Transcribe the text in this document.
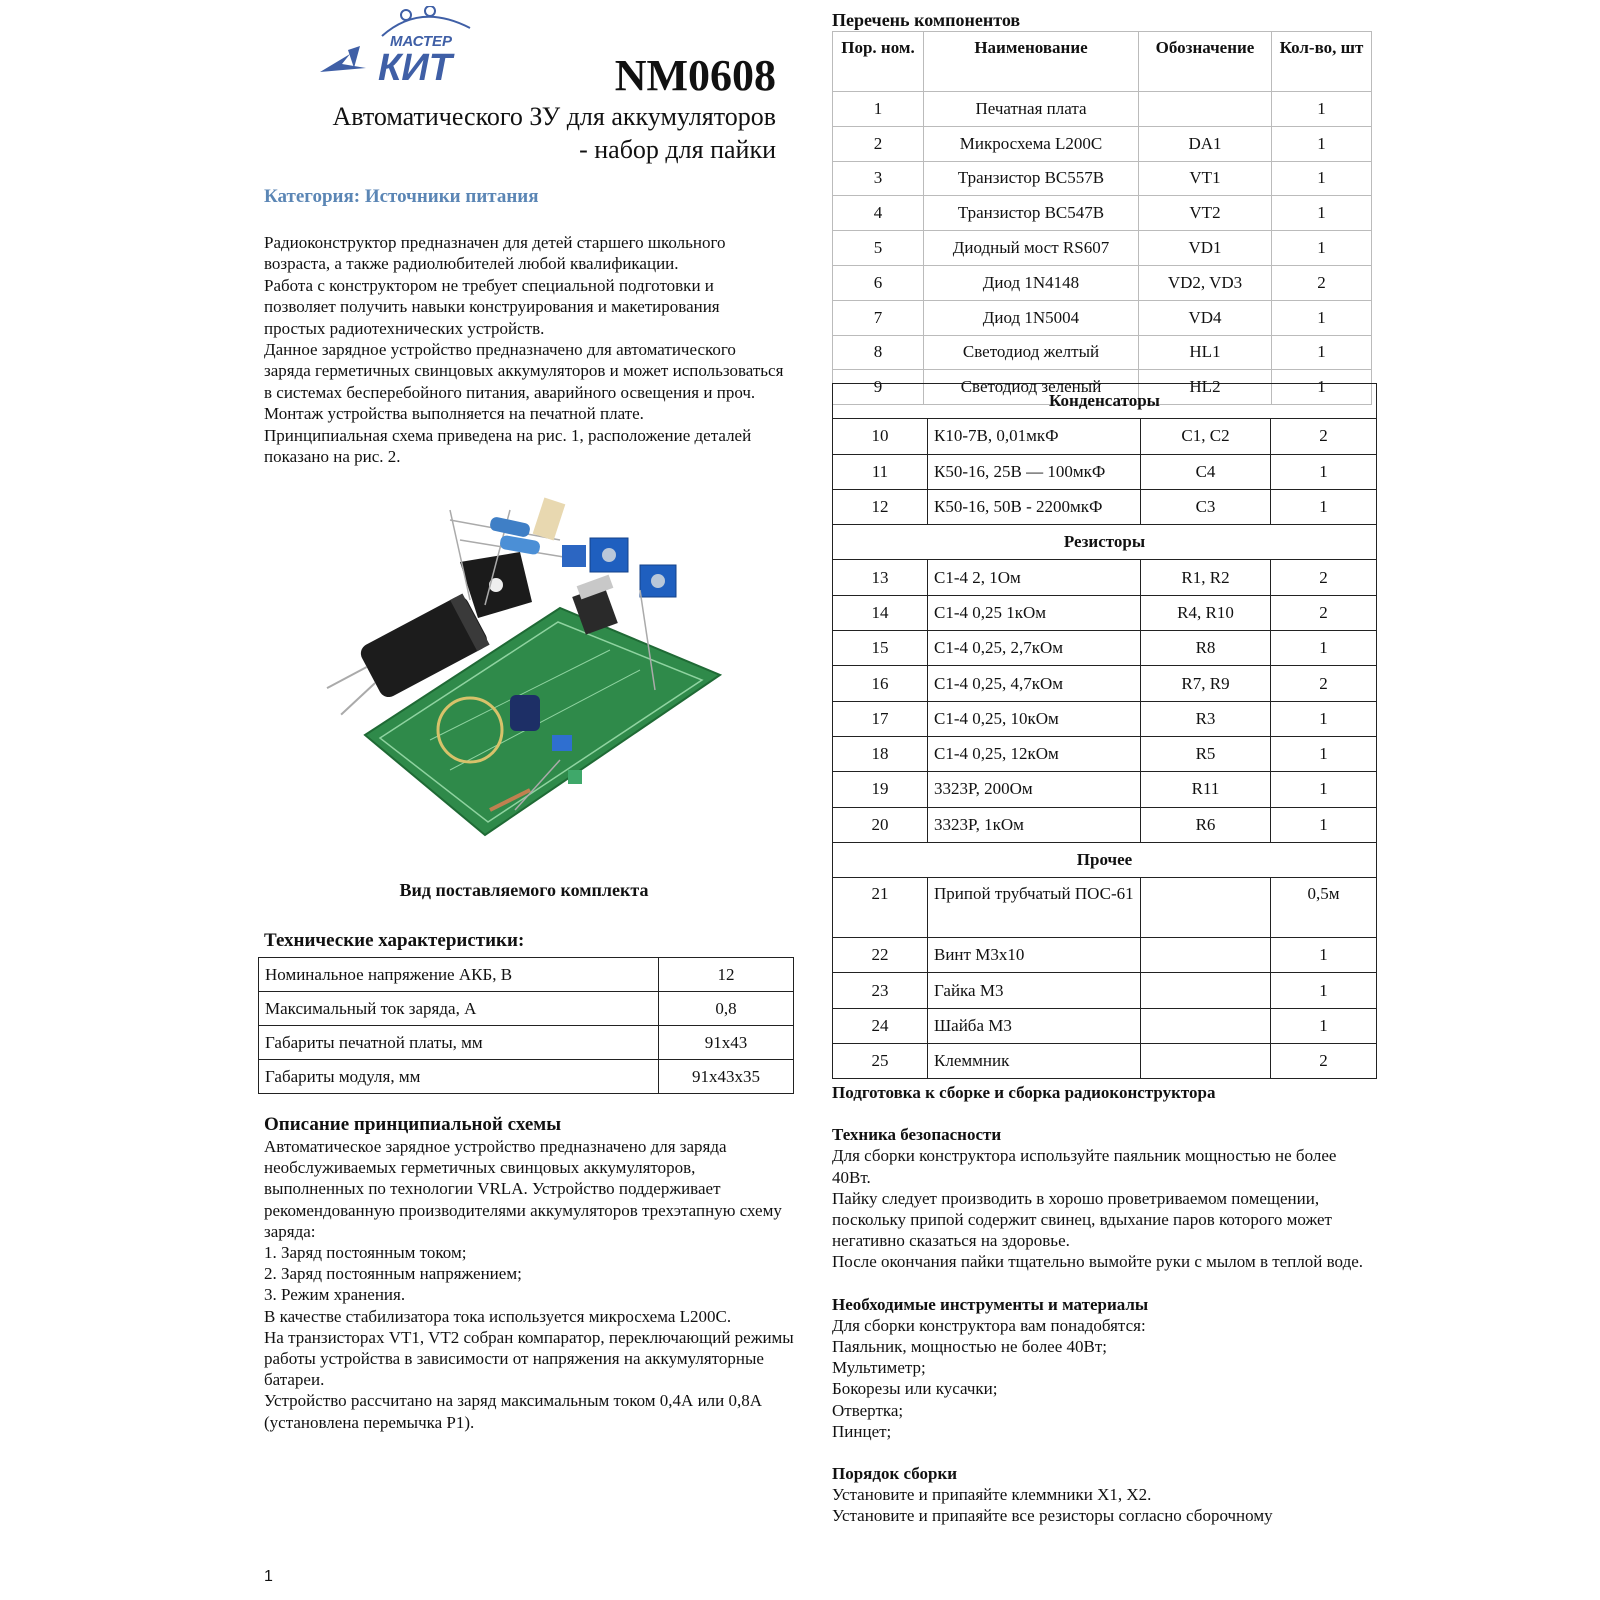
МАСТЕР
КИТ	NM0608
Автоматического ЗУ для аккумуляторов
- набор для пайки
Категория: Источники питания

Радиоконструктор предназначен для детей старшего школьного возраста, а также радиолюбителей любой квалификации.

Работа с конструктором не требует специальной подготовки и позволяет получить навыки конструирования и макетирования простых радиотехнических устройств.

Данное зарядное устройство предназначено для автоматического заряда герметичных свинцовых аккумуляторов и может использоваться в системах бесперебойного питания, аварийного освещения и проч.

Монтаж устройства выполняется на печатной плате.

Принципиальная схема приведена на рис. 1, расположение деталей показано на рис. 2.

Вид поставляемого комплекта
Технические характеристики:
Номинальное напряжение АКБ, В	12
Максимальный ток заряда, А	0,8
Габариты печатной платы, мм	91х43
Габариты модуля, мм	91х43х35
Описание принципиальной схемы

Автоматическое зарядное устройство предназначено для заряда необслуживаемых герметичных свинцовых аккумуляторов, выполненных по технологии VRLA. Устройство поддерживает рекомендованную производителями аккумуляторов трехэтапную схему заряда:

1. Заряд постоянным током;

2. Заряд постоянным напряжением;

3. Режим хранения.

В качестве стабилизатора тока используется микросхема L200C.

На транзисторах VT1, VT2 собран компаратор, переключающий режимы работы устройства в зависимости от напряжения на аккумуляторные батареи.

Устройство рассчитано на заряд максимальным током 0,4А или 0,8А (установлена перемычка Р1).

Перечень компонентов
Пор. ном.	Наименование	Обозначение	Кол-во, шт
1	Печатная плата		1
2	Микросхема L200C	DA1	1
3	Транзистор BC557B	VT1	1
4	Транзистор BC547B	VT2	1
5	Диодный мост RS607	VD1	1
6	Диод 1N4148	VD2, VD3	2
7	Диод 1N5004	VD4	1
8	Светодиод желтый	HL1	1
9	Светодиод зеленый	HL2	1
Конденсаторы			
10	К10-7В, 0,01мкФ	C1, C2	2
11	К50-16, 25В — 100мкФ	C4	1
12	К50-16, 50В - 2200мкФ	C3	1
Резисторы			
13	С1-4 2, 1Ом	R1, R2	2
14	С1-4 0,25 1кОм	R4, R10	2
15	С1-4 0,25, 2,7кОм	R8	1
16	С1-4 0,25, 4,7кОм	R7, R9	2
17	С1-4 0,25, 10кОм	R3	1
18	С1-4 0,25, 12кОм	R5	1
19	3323P, 200Ом	R11	1
20	3323P, 1кОм	R6	1
Прочее			
21	Припой трубчатый ПОС-61		0,5м
22	Винт М3х10		1
23	Гайка М3		1
24	Шайба М3		1
25	Клеммник		2
Подготовка к сборке и сборка радиоконструктора
Техника безопасности
Для сборки конструктора используйте паяльник мощностью не более 40Вт.
Пайку следует производить в хорошо проветриваемом помещении, поскольку припой содержит свинец, вдыхание паров которого может негативно сказаться на здоровье.
После окончания пайки тщательно вымойте руки с мылом в теплой воде.
Необходимые инструменты и материалы
Для сборки конструктора вам понадобятся:
Паяльник, мощностью не более 40Вт;
Мультиметр;
Бокорезы или кусачки;
Отвертка;
Пинцет;
Порядок сборки
Установите и припаяйте клеммники X1, X2.
Установите и припаяйте все резисторы согласно сборочному
1
